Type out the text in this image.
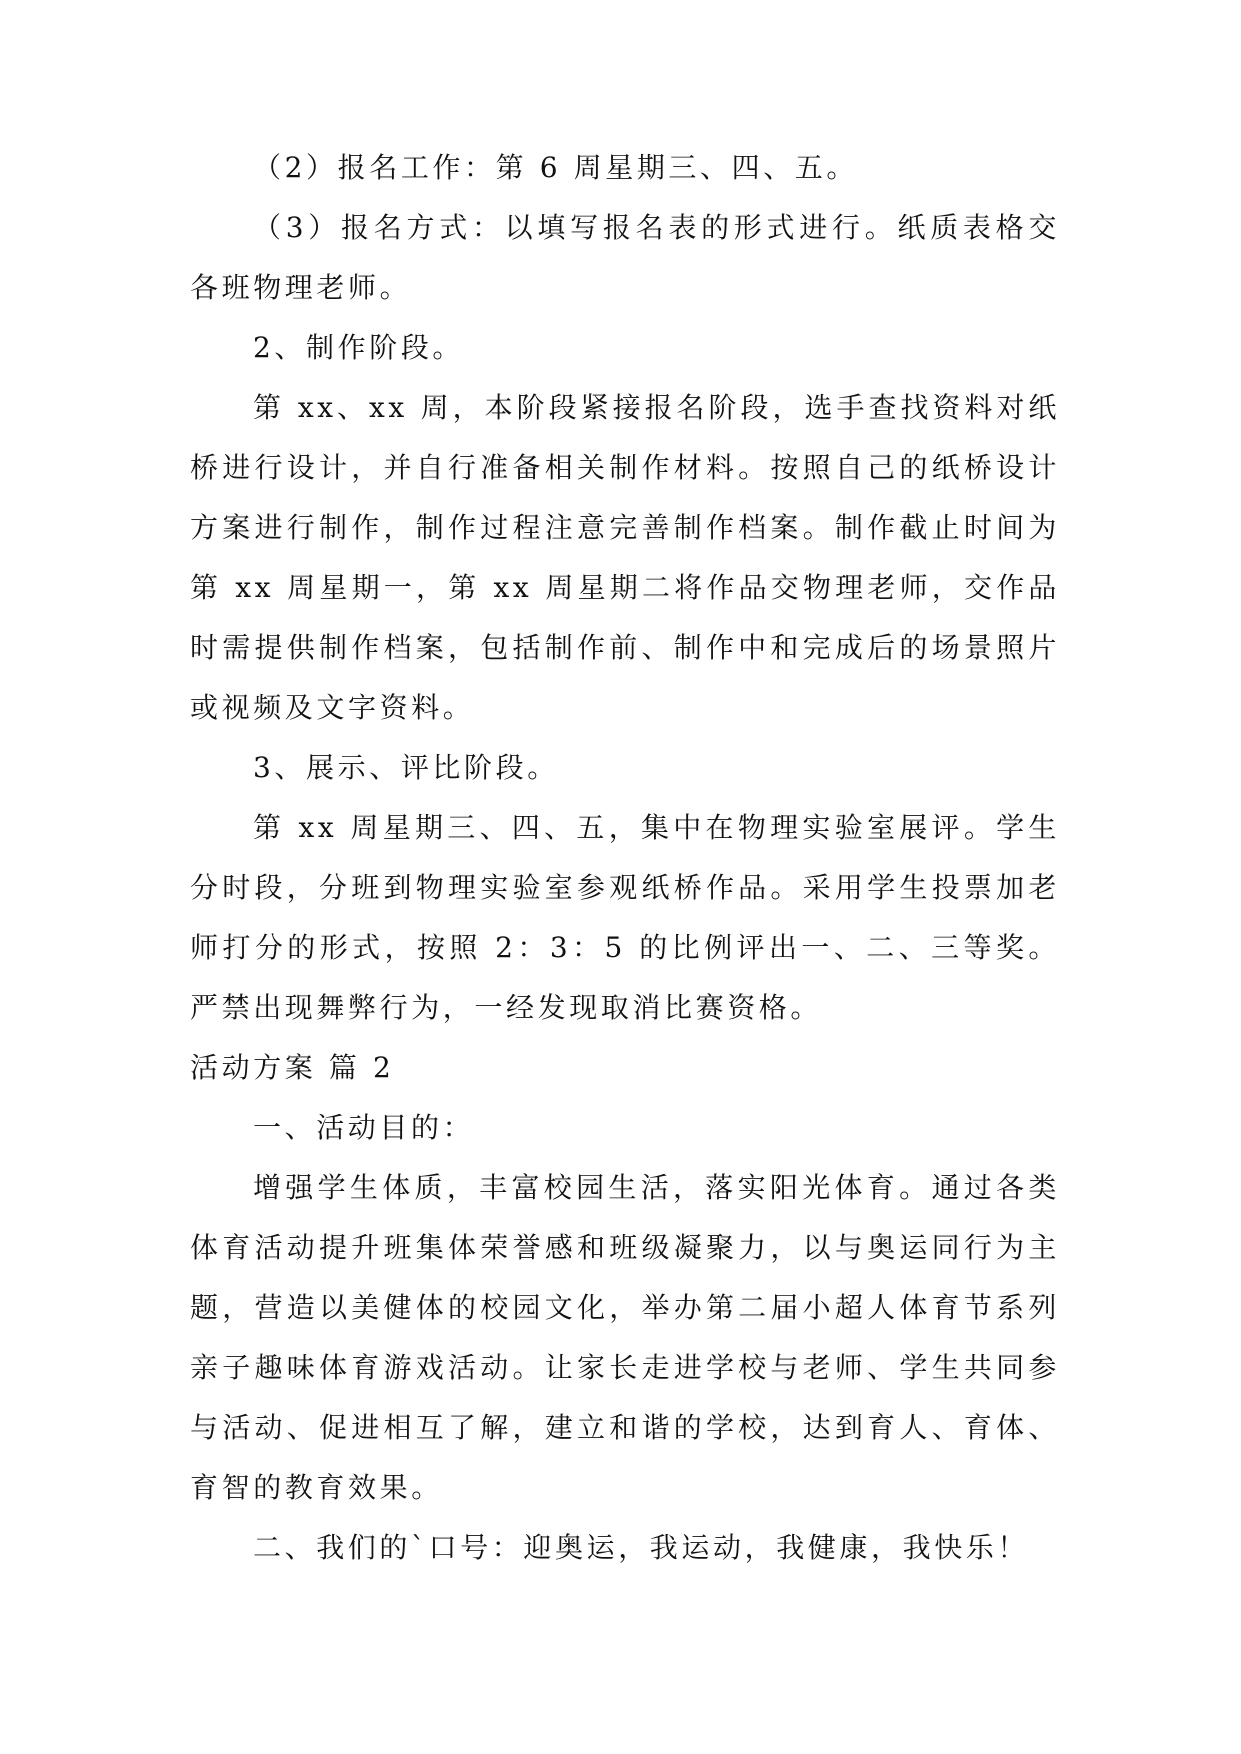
（2）报名工作：第 6 周星期三、四、五。

（3）报名方式：以填写报名表的形式进行。纸质表格交各班物理老师。

2、制作阶段。

第 xx、xx 周，本阶段紧接报名阶段，选手查找资料对纸桥进行设计，并自行准备相关制作材料。按照自己的纸桥设计方案进行制作，制作过程注意完善制作档案。制作截止时间为第 xx 周星期一，第 xx 周星期二将作品交物理老师，交作品时需提供制作档案，包括制作前、制作中和完成后的场景照片或视频及文字资料。

3、展示、评比阶段。

第 xx 周星期三、四、五，集中在物理实验室展评。学生分时段，分班到物理实验室参观纸桥作品。采用学生投票加老师打分的形式，按照 2：3：5 的比例评出一、二、三等奖。严禁出现舞弊行为，一经发现取消比赛资格。

活动方案 篇 2

一、活动目的：

增强学生体质，丰富校园生活，落实阳光体育。通过各类体育活动提升班集体荣誉感和班级凝聚力，以与奥运同行为主题，营造以美健体的校园文化，举办第二届小超人体育节系列亲子趣味体育游戏活动。让家长走进学校与老师、学生共同参与活动、促进相互了解，建立和谐的学校，达到育人、育体、育智的教育效果。

二、我们的`口号：迎奥运，我运动，我健康，我快乐！
